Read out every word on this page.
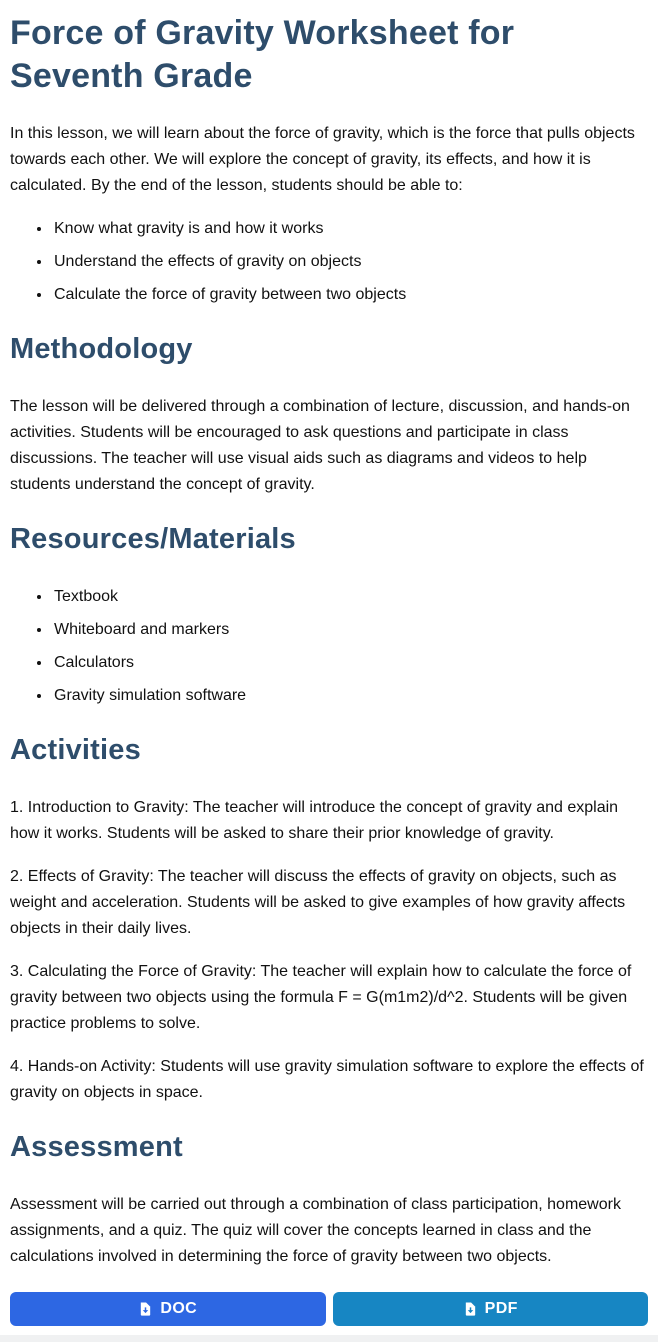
Force of Gravity Worksheet for Seventh Grade

In this lesson, we will learn about the force of gravity, which is the force that pulls objects towards each other. We will explore the concept of gravity, its effects, and how it is calculated. By the end of the lesson, students should be able to:

• Know what gravity is and how it works
• Understand the effects of gravity on objects
• Calculate the force of gravity between two objects
Methodology

The lesson will be delivered through a combination of lecture, discussion, and hands-on activities. Students will be encouraged to ask questions and participate in class discussions. The teacher will use visual aids such as diagrams and videos to help students understand the concept of gravity.

Resources/Materials
• Textbook
• Whiteboard and markers
• Calculators
• Gravity simulation software
Activities

1. Introduction to Gravity: The teacher will introduce the concept of gravity and explain how it works. Students will be asked to share their prior knowledge of gravity.

2. Effects of Gravity: The teacher will discuss the effects of gravity on objects, such as weight and acceleration. Students will be asked to give examples of how gravity affects objects in their daily lives.

3. Calculating the Force of Gravity: The teacher will explain how to calculate the force of gravity between two objects using the formula F = G(m1m2)/d^2. Students will be given practice problems to solve.

4. Hands-on Activity: Students will use gravity simulation software to explore the effects of gravity on objects in space.

Assessment

Assessment will be carried out through a combination of class participation, homework assignments, and a quiz. The quiz will cover the concepts learned in class and the calculations involved in determining the force of gravity between two objects.

DOC	PDF
